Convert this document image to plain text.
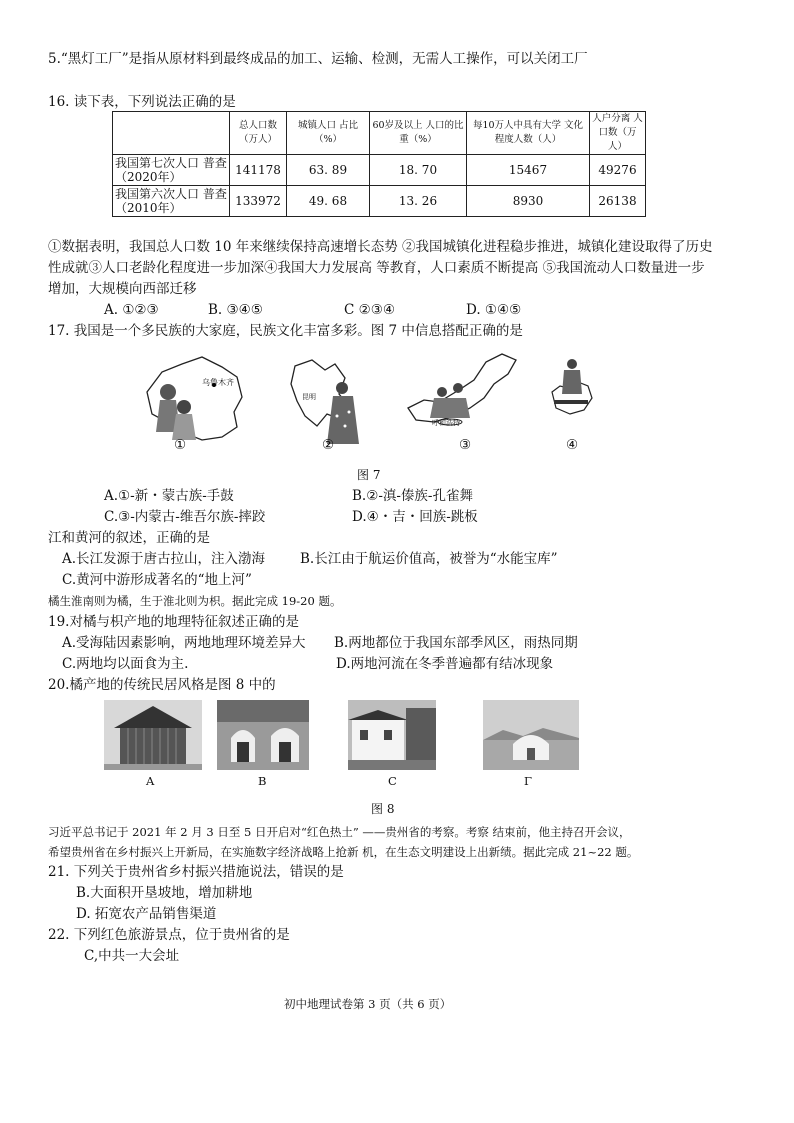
5.“黑灯工厂”是指从原材料到最终成品的加工、运输、检测，无需人工操作，可以关闭工厂
16. 读下表，下列说法正确的是
	总人口数（万人）	城镇人口 占比（%）	60岁及以上 人口的比重（%）	每10万人中具有大学 文化程度人数（人）	人户分离 人口数（万人）
我国第七次人口 普查（2020年）	141178	63. 89	18. 70	15467	49276
我国第六次人口 普查（2010年）	133972	49. 68	13. 26	8930	26138
①数据表明，我国总人口数 10 年来继续保持高速增长态势 ②我国城镇化进程稳步推进，城镇化建设取得了历史
性成就③人口老龄化程度进一步加深④我国大力发展高 等教育，人口素质不断提高 ⑤我国流动人口数量进一步
增加，大规模向西部迁移
A. ①②③	B. ③④⑤	C ②③④	D. ①④⑤
17. 我国是一个多民族的大家庭，民族文化丰富多彩。图 7 中信息搭配正确的是
乌鲁木齐
昆明
呼和浩特
①	②	③	④
图 7
A.①-新・蒙古族-手鼓	B.②-滇-傣族-孔雀舞
C.③-内蒙古-维吾尔族-摔跤	D.④・吉・回族-跳板
江和黄河的叙述，正确的是
A.长江发源于唐古拉山，注入渤海	B.长江由于航运价值高，被誉为“水能宝库”
C.黄河中游形成著名的“地上河”
橘生淮南则为橘，生于淮北则为枳。据此完成 19-20 题。
19.对橘与枳产地的地理特征叙述正确的是
A.受海陆因素影响，两地地理环境差异大 B.两地都位于我国东部季风区，雨热同期
C.两地均以面食为主.	D.两地河流在冬季普遍都有结冰现象
20.橘产地的传统民居风格是图 8 中的
A	B	C	Γ
图 8
习近平总书记于 2021 年 2 月 3 日至 5 日开启对“红色热土” ——贵州省的考察。考察 结束前，他主持召开会议，
希望贵州省在乡村振兴上开新局，在实施数字经济战略上抢新 机，在生态文明建设上出新绩。据此完成 21~22 题。
21. 下列关于贵州省乡村振兴措施说法，错误的是
B.大面积开垦坡地，增加耕地
D. 拓宽农产品销售渠道
22. 下列红色旅游景点，位于贵州省的是
C,中共一大会址
初中地理试卷第 3 页（共 6 页）
